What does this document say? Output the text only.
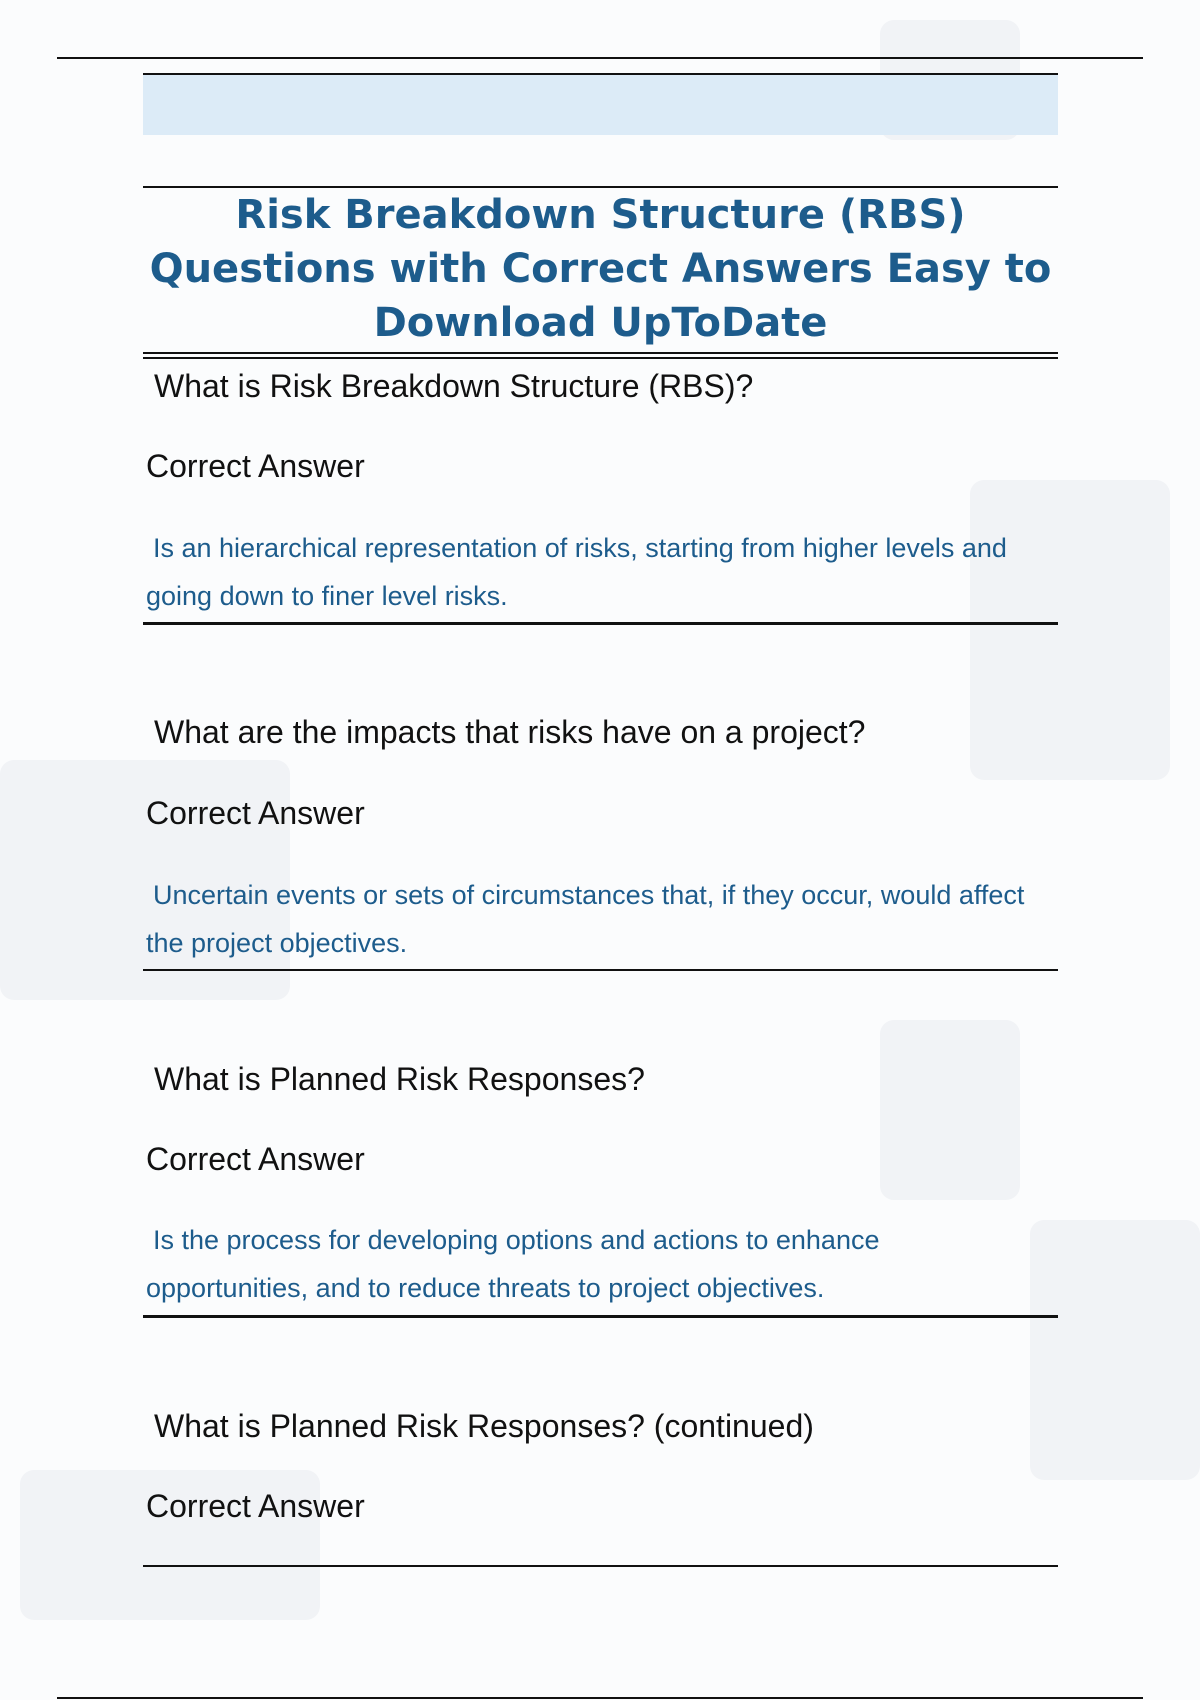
Risk Breakdown Structure (RBS) Questions with Correct Answers Easy to Download UpToDate

What is Risk Breakdown Structure (RBS)?

Correct Answer

Is an hierarchical representation of risks, starting from higher levels and going down to finer level risks.

What are the impacts that risks have on a project?

Correct Answer

Uncertain events or sets of circumstances that, if they occur, would affect the project objectives.

What is Planned Risk Responses?

Correct Answer

Is the process for developing options and actions to enhance opportunities, and to reduce threats to project objectives.

What is Planned Risk Responses? (continued)

Correct Answer
